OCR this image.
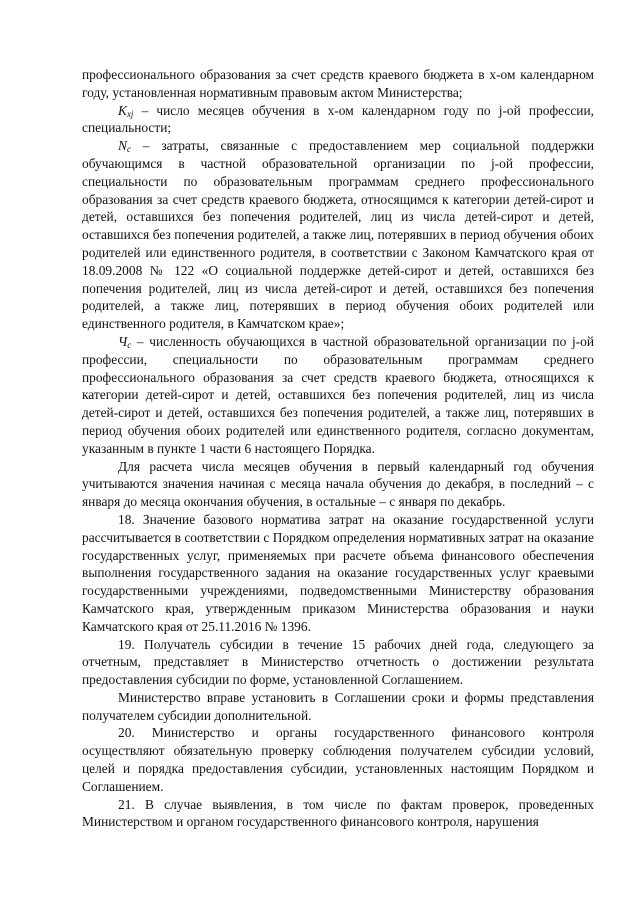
профессионального образования за счет средств краевого бюджета в x-ом календарном году, установленная нормативным правовым актом Министерства;

$K_{xj}$ – число месяцев обучения в x-ом календарном году по j-ой профессии, специальности;

$N_c$ – затраты, связанные с предоставлением мер социальной поддержки обучающимся в частной образовательной организации по j-ой профессии, специальности по образовательным программам среднего профессионального образования за счет средств краевого бюджета, относящимся к категории детей-сирот и детей, оставшихся без попечения родителей, лиц из числа детей-сирот и детей, оставшихся без попечения родителей, а также лиц, потерявших в период обучения обоих родителей или единственного родителя, в соответствии с Законом Камчатского края от 18.09.2008 № 122 «О социальной поддержке детей-сирот и детей, оставшихся без попечения родителей, лиц из числа детей-сирот и детей, оставшихся без попечения родителей, а также лиц, потерявших в период обучения обоих родителей или единственного родителя, в Камчатском крае»;

$Ч_c$ – численность обучающихся в частной образовательной организации по j-ой профессии, специальности по образовательным программам среднего профессионального образования за счет средств краевого бюджета, относящихся к категории детей-сирот и детей, оставшихся без попечения родителей, лиц из числа детей-сирот и детей, оставшихся без попечения родителей, а также лиц, потерявших в период обучения обоих родителей или единственного родителя, согласно документам, указанным в пункте 1 части 6 настоящего Порядка.

Для расчета числа месяцев обучения в первый календарный год обучения учитываются значения начиная с месяца начала обучения до декабря, в последний – с января до месяца окончания обучения, в остальные – с января по декабрь.

18. Значение базового норматива затрат на оказание государственной услуги рассчитывается в соответствии с Порядком определения нормативных затрат на оказание государственных услуг, применяемых при расчете объема финансового обеспечения выполнения государственного задания на оказание государственных услуг краевыми государственными учреждениями, подведомственными Министерству образования Камчатского края, утвержденным приказом Министерства образования и науки Камчатского края от 25.11.2016 № 1396.

19. Получатель субсидии в течение 15 рабочих дней года, следующего за отчетным, представляет в Министерство отчетность о достижении результата предоставления субсидии по форме, установленной Соглашением.

Министерство вправе установить в Соглашении сроки и формы представления получателем субсидии дополнительной.

20. Министерство и органы государственного финансового контроля осуществляют обязательную проверку соблюдения получателем субсидии условий, целей и порядка предоставления субсидии, установленных настоящим Порядком и Соглашением.

21. В случае выявления, в том числе по фактам проверок, проведенных Министерством и органом государственного финансового контроля, нарушения
